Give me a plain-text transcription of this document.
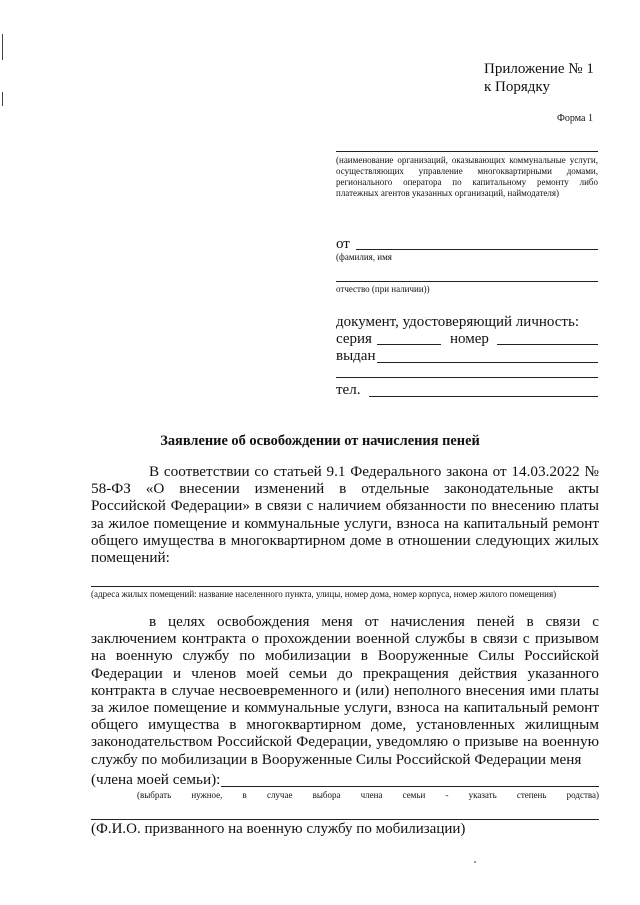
Приложение № 1
к Порядку
Форма 1
(наименование организаций, оказывающих коммунальные услуги, осуществляющих управление многоквартирными домами, регионального оператора по капитальному ремонту либо платежных агентов указанных организаций, наймодателя)
от
(фамилия, имя
отчество (при наличии))
документ, удостоверяющий личность:
серия	номер
выдан
тел.
Заявление об освобождении от начисления пеней
В соответствии со статьей 9.1 Федерального закона от 14.03.2022 № 58-ФЗ «О внесении изменений в отдельные законодательные акты Российской Федерации» в связи с наличием обязанности по внесению платы за жилое помещение и коммунальные услуги, взноса на капитальный ремонт общего имущества в многоквартирном доме в отношении следующих жилых помещений:
(адреса жилых помещений: название населенного пункта, улицы, номер дома, номер корпуса, номер жилого помещения)
в целях освобождения меня от начисления пеней в связи с заключением контракта о прохождении военной службы в связи с призывом на военную службу по мобилизации в Вооруженные Силы Российской Федерации и членов моей семьи до прекращения действия указанного контракта в случае несвоевременного и (или) неполного внесения ими платы за жилое помещение и коммунальные услуги, взноса на капитальный ремонт общего имущества в многоквартирном доме, установленных жилищным законодательством Российской Федерации, уведомляю о призыве на военную службу по мобилизации в Вооруженные Силы Российской Федерации меня
(члена моей семьи):
(выбрать нужное, в случае выбора члена семьи - указать степень родства)
(Ф.И.О. призванного на военную службу по мобилизации)
